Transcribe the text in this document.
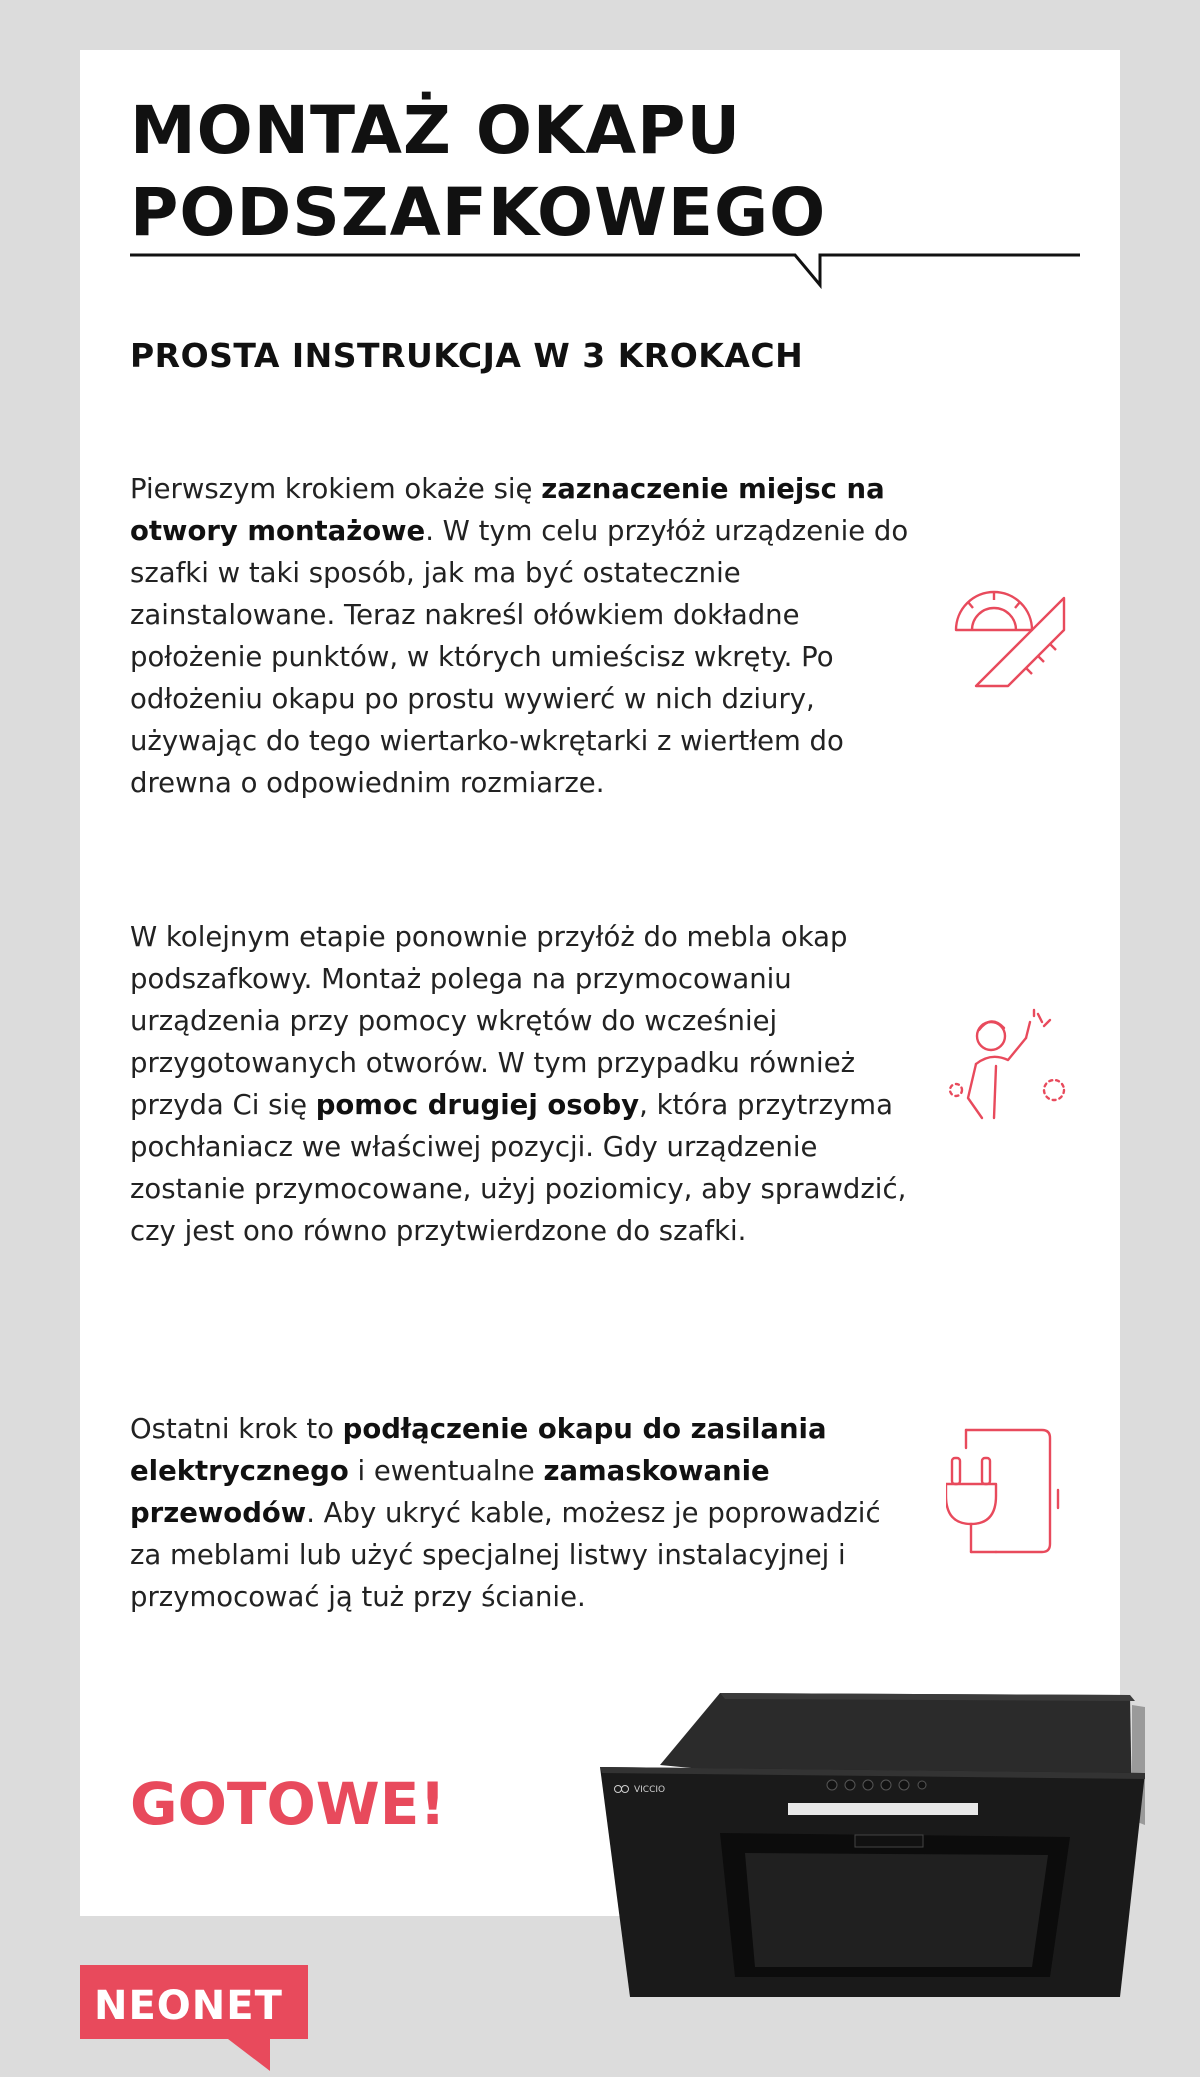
MONTAŻ OKAPU
PODSZAFKOWEGO
PROSTA INSTRUKCJA W 3 KROKACH

Pierwszym krokiem okaże się zaznaczenie miejsc na otwory montażowe. W tym celu przyłóż urządzenie do szafki w taki sposób, jak ma być ostatecznie zainstalowane. Teraz nakreśl ołówkiem dokładne położenie punktów, w których umieścisz wkręty. Po odłożeniu okapu po prostu wywierć w nich dziury, używając do tego wiertarko-wkrętarki z wiertłem do drewna o odpowiednim rozmiarze.

W kolejnym etapie ponownie przyłóż do mebla okap podszafkowy. Montaż polega na przymocowaniu urządzenia przy pomocy wkrętów do wcześniej przygotowanych otworów. W tym przypadku również przyda Ci się pomoc drugiej osoby, która przytrzyma pochłaniacz we właściwej pozycji. Gdy urządzenie zostanie przymocowane, użyj poziomicy, aby sprawdzić, czy jest ono równo przytwierdzone do szafki.

Ostatni krok to podłączenie okapu do zasilania elektrycznego i ewentualne zamaskowanie przewodów. Aby ukryć kable, możesz je poprowadzić za meblami lub użyć specjalnej listwy instalacyjnej i przymocować ją tuż przy ścianie.

GOTOWE!	VICCIO
NEONET
